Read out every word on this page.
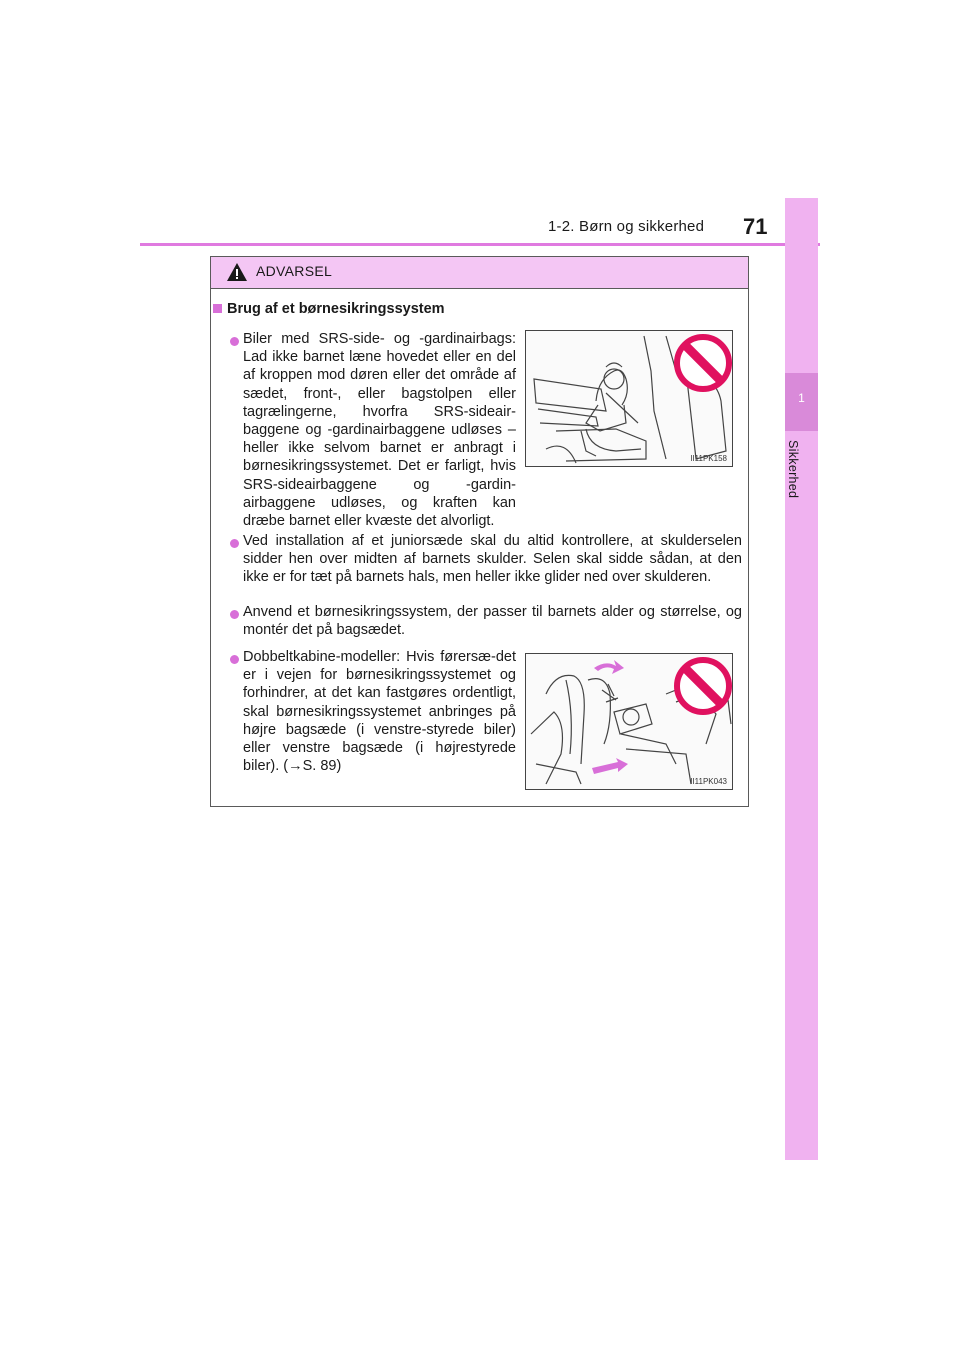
1-2. Børn og sikkerhed 71
1
Sikkerhed
ADVARSEL
Brug af et børnesikringssystem
Biler med SRS-side- og -gardinairbags: Lad ikke barnet læne hovedet eller en del af kroppen mod døren eller det område af sædet, front-, eller bagstolpen eller tagrælingerne, hvorfra SRS-sideair-baggene og -gardinairbaggene udløses – heller ikke selvom barnet er anbragt i børnesikringssystemet. Det er farligt, hvis SRS-sideairbaggene og -gardin-airbaggene udløses, og kraften kan dræbe barnet eller kvæste det alvorligt.
II11PK158
Ved installation af et juniorsæde skal du altid kontrollere, at skulderselen sidder hen over midten af barnets skulder. Selen skal sidde sådan, at den ikke er for tæt på barnets hals, men heller ikke glider ned over skulderen.
Anvend et børnesikringssystem, der passer til barnets alder og størrelse, og montér det på bagsædet.
Dobbeltkabine-modeller: Hvis førersæ-det er i vejen for børnesikringssystemet og forhindrer, at det kan fastgøres ordentligt, skal børnesikringssystemet anbringes på højre bagsæde (i venstre-styrede biler) eller venstre bagsæde (i højrestyrede biler). (→S. 89)
II11PK043
